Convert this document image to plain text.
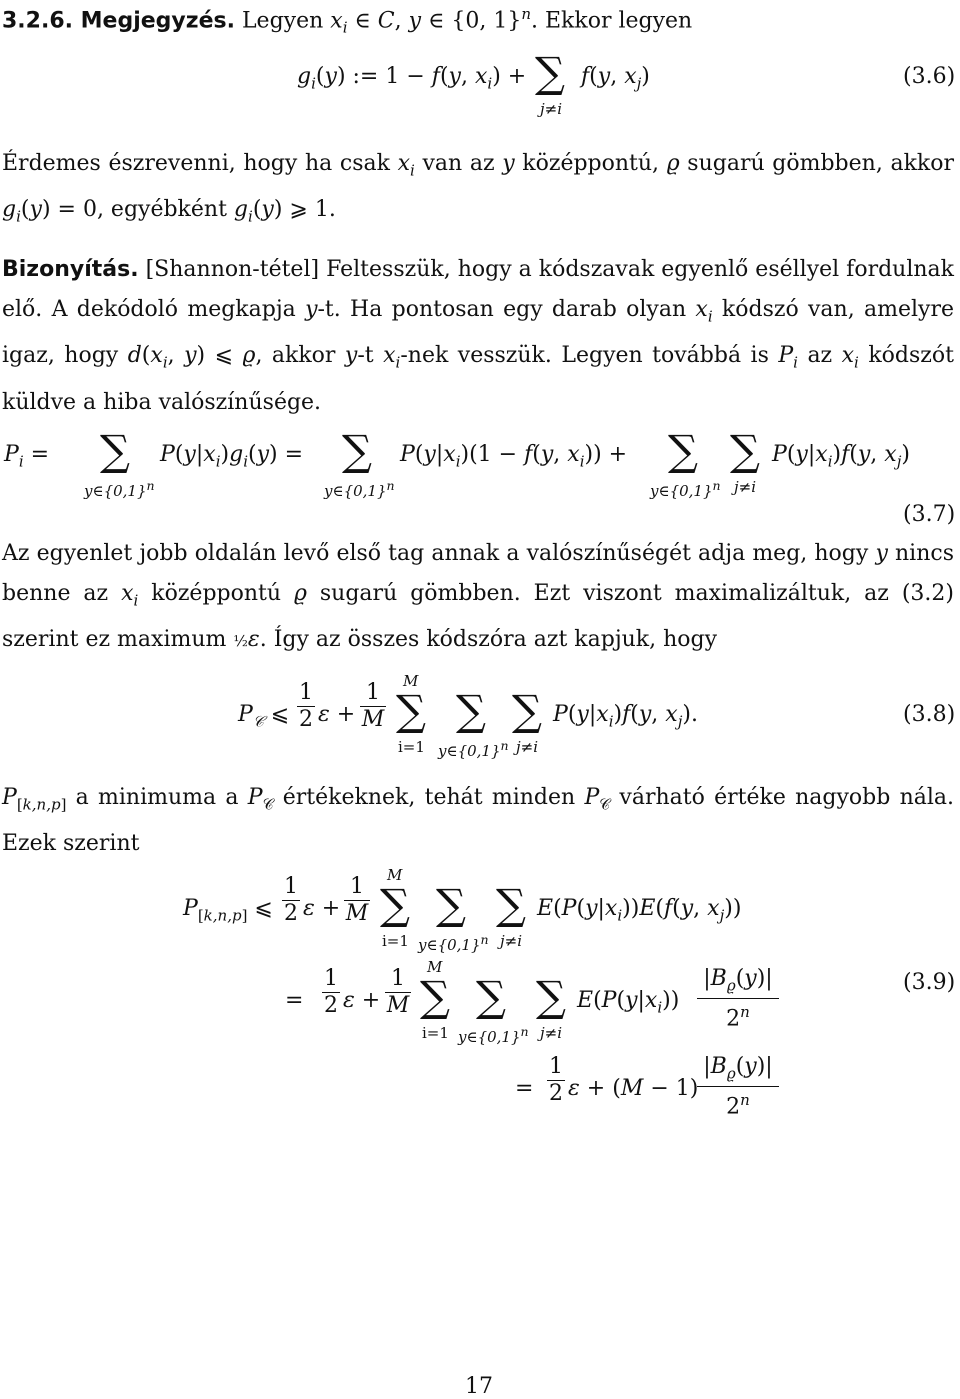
3.2.6. Megjegyzés. Legyen $x_i$ ∈ C, y ∈ {0, 1}$^n$. Ekkor legyen
$g_i(y)$ := 1 − f(y, $x_i$) + ∑
j≠i
f(y, $x_j$)	(3.6)
Érdemes észrevenni, hogy ha csak $x_i$ van az y középpontú, ϱ sugarú gömbben, akkor $g_i(y) = 0$, egyébként $g_i(y)$ ⩾ 1.
Bizonyítás. [Shannon-tétel] Feltesszük, hogy a kódszavak egyenlő eséllyel fordulnak elő. A dekódoló megkapja y-t. Ha pontosan egy darab olyan $x_i$ kódszó van, amelyre igaz, hogy $d(x_i$, y) ⩽ ϱ, akkor y-t $x_i$-nek vesszük. Legyen továbbá is $P_i$ az $x_i$ kódszót küldve a hiba valószínűsége.
$P_i$ = ∑
$y\in\{0,1\}^n$
$P(y|x_i)g_i(y)$ = ∑
$y\in\{0,1\}^n$
$P(y|x_i)(1 - f(y$, $x_i$)) + ∑
$y\in\{0,1\}^n$
∑
j≠i
$P(y|x_i)f(y$, $x_j$)
(3.7)
Az egyenlet jobb oldalán levő első tag annak a valószínűségét adja meg, hogy y nincs benne az $x_i$ középpontú ϱ sugarú gömbben. Ezt viszont maximalizáltuk, az (3.2) szerint ez maximum ½ε. Így az összes kódszóra azt kapjuk, hogy
$P_𝒞$ ⩽
1
2 ε +
1
M
M
∑
i=1
∑
$y\in\{0,1\}^n$
∑
j≠i
$P(y|x_i)f(y$, $x_j$).	(3.8)
$P_{[k,n,p]}$ a minimuma a $P_𝒞$ értékeknek, tehát minden $P_𝒞$ várható értéke nagyobb nála. Ezek szerint
$P_{[k,n,p]}$ ⩽
1
2 ε +
1
M
M
∑
i=1
∑
$y\in\{0,1\}^n$
∑
j≠i
$E(P(y|x_i))E(f(y$, $x_j$))
=
1
2 ε +
1
M
M
∑
i=1
∑
$y\in\{0,1\}^n$
∑
j≠i
$E(P(y|x_i))$
$|B_ϱ(y)|$
2$^n$
(3.9)
=
1
2 ε + (M − 1)
$|B_ϱ(y)|$
2$^n$
17
